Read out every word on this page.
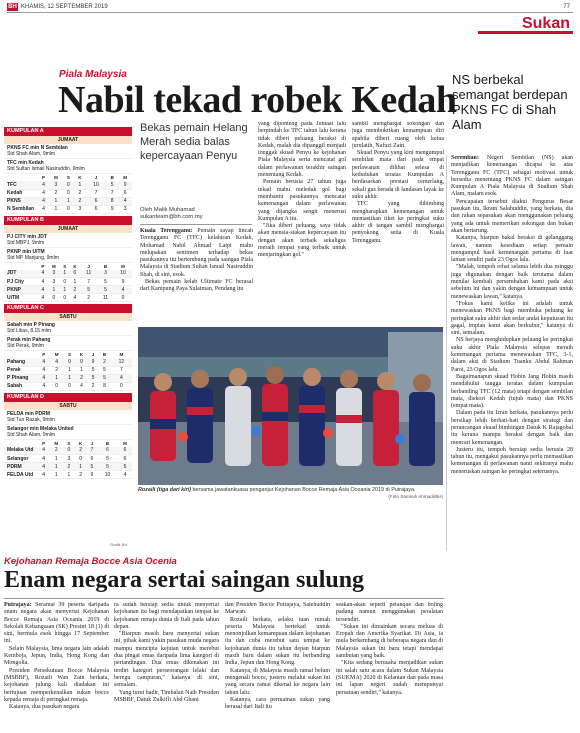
BH KHAMIS, 12 SEPTEMBER 2019	77
Sukan
Piala Malaysia
Nabil tekad robek Kedah
NS berbekal semangat berdepan PKNS FC di Shah Alam
KUMPULAN A
JUMAAT
PKNS FC min N Sembilan
Std Shah Alam, 9mlm
TFC min Kedah
Std Sultan Ismail Nasiruddin, 9mlm
	P	M	S	K	J	B	M
TFC	4	3	0	1	10	5	9
Kedah	4	2	0	2	7	7	6
PKNS	4	1	1	2	6	8	4
N Sembilan	4	1	0	3	6	9	3
KUMPULAN B
JUMAAT
PJ CITY min JDT
Std MBPJ, 9mlm
PKNP min UiTM
Std MP Manjung, 9mlm
	P	M	S	K	J	B	M
JDT	4	3	1	0	11	3	10
PJ City	4	3	0	1	7	5	9
PKNP	4	1	1	2	5	5	4
UiTM	4	0	0	4	2	11	0
KUMPULAN C
SABTU
Sabah min P Pinang
Std Likas, 8.15 mlm
Perak min Pahang
Std Perak, 9mlm
	P	M	S	K	J	B	M
Pahang	4	4	0	0	9	2	12
Perak	4	2	1	1	5	5	7
P Pinang	4	1	1	2	5	5	4
Sabah	4	0	0	4	2	8	0
KUMPULAN D
SABTU
FELDA min PDRM
Std Tun Razak, 9mlm
Selangor min Melaka United
Std Shah Alam, 9mlm
	P	M	S	K	J	B	M
Melaka Utd	4	2	0	2	7	6	6
Selangor	4	1	3	0	6	5	6
PDRM	4	1	2	1	5	5	5
FELDA Utd	4	1	1	2	9	10	4
Grafik BH
Bekas pemain Helang Merah sedia balas kepercayaan Penyu
Oleh Malik Muhamad
sukanteam@bh.com.my

Kuala Terengganu: Pemain sayap lincah Terengganu FC (TFC) kelahiran Kedah, Mohamad Nabil Ahmad Latpi mahu melupakan sentimen terhadap bekas pasukannya itu bertembung pada saingan Piala Malaysia di Stadium Sultan Ismail Nasiruddin Shah, di sini, esok.

Bekas pemain kelab Ultimate FC berasal dari Kampung Paya Sulaiman, Pendang itu

yang diponteng pada Jumaat lalu berpindah ke TFC tahun lalu kerana tidak diberi peluang beraksi di Kedah, malah dia dipanggil menjadi tonggak skuad Penyu ke kejohanan Piala Malaysia serta mencatat gol dalam perlawanan terakhir saingan menentang Kedah.

Pemain berusia 27 tahun juga tekad mahu meledak gol bagi membantu pasukannya mencatat kemenangan dalam perlawanan yang dijangka sengit menerusi Kumpulan A itu.

"Jika diberi peluang, saya tidak akan mensia-siakan kepercayaan itu dengan akan terbaik sekaligus meraih tempat yang terbaik untuk menjaringkan gol."

sambil menghargai sokongan dan juga membuktikan kemampuan diri apabila diberi ruang oleh ketua jurulatih, Nafuzi Zain.

Skuad Penyu yang kini mengumpul sembilan mata dari pada empat perlawanan dilihat selesa di kedudukan teratas Kumpulan A berdasarkan prestasi cemerlang, sekali gus berada di landasan layak ke suku akhir.

TFC yang dibimbing mengharapkan kemenangan untuk memastikan tiket ke peringkat suku akhir di tangan sambil menghargai penyokong setia di Kuala Terengganu.

Rozaili (tiga dari kiri) bersama jawatankuasa penganjur Kejohanan Bocce Remaja Asia Oceania 2019 di Putrajaya.
(Foto Samsuh Ahmadi/BH)

Seremban: Negeri Sembilan (NS) akan menjadikan kemenangan dicapai ke atas Terengganu FC (TFC) sebagai motivasi untuk bersedia menentang PKNS FC dalam saingan Kumpulan A Piala Malaysia di Stadium Shah Alam, malam esok.

Pencapaian tersebut diakui Pengurus Besar pasukan itu, Ikram Salahuddin, yang berkata, dia dan rakan sepasukan akan menggunakan peluang yang ada untuk memerikan sokongan dan bukan akan bertarung.

Katanya, biarpun bakal beraksi di gelanggang lawan, namun kesediaan setiap pemain mengumpul hasil kemenangan pertama di luar laman sendiri pada 23 Ogos lalu.

"Malah, tempoh rehat selama lebih dua minggu juga digunakan dengan baik terutama dalam menilai kembali persembahan kami pada aksi sebelum ini dan yakin dengan kemampuan untuk menewaskan lawan," katanya.

"Fokus kami ketika ini adalah untuk menewaskan PKNS bagi membuka peluang ke peringkat suku akhir dan sedar andai keputusan itu gagal, impian kami akan berkubur," katanya di sini, semalam.

NS berjaya menghidupkan peluang ke peringkat suku akhir Piala Malaysia selepas meraih kemenangan pertama menewaskan TFC, 3-1, dalam aksi di Stadium Tuanku Abdul Rahman Paroi, 23 Ogos lalu.

Bagaimanapun skuad Hobin Jang Hobin masih mendahului tangga teratas dalam kumpulan berbanding TFC (12 mata) tetapi dengan sembilan mata, diekori Kedah (tujuh mata) dan PKNS (empat mata).

Dalam pada itu Izran berkata, pasukannya perlu bersikap lebih berhati-hati dengan strategi dan perancangan skuad bimbingan Datuk K Rajagobal itu kerana mampu beraksi dengan baik dan mencari kemenangan.

Justeru itu, tempoh bersiap sedia berusia 28 tahun itu, mengakui pasukannya perlu memastikan kemenangan di perlawanan nanti sekiranya mahu meneruskan saingan ke peringkat seterusnya.

Kejohanan Remaja Bocce Asia Ocenia
Enam negara sertai saingan sulung

Putrajaya: Seramai 39 peserta daripada enam negara akan menyertai Kejohanan Bocce Remaja Asia Oceania 2019 di Sekolah Kebangsaan (SK) Presint 18 (1) di sini, bermula esok hingga 17 September ini.

Selain Malaysia, lima negara lain adalah Kemboja, Jepun, India, Hong Kong dan Mongolia.

Presiden Persekutuan Bocce Malaysia (MSBBF), Rozaili Wan Zain berkata, kejohanan julung kali diadakan ini bertujuan memperkenalkan sukan bocce kepada remaja di peringkat remaja.

Katanya, dua pasukan negara

ra sudah bersiap sedia untuk menyertai kejohanan itu bagi mendapatkan tempat ke kejohanan remaja dunia di Itali pada tahun depan.

"Biarpun masih baru menyertai sukan ini, pihak kami yakin pasukan muda negara mampu mencipta kejutan untuk merebut dua pingat emas daripada lima kategori di pertandingan. Dua emas dikenakan ini terdiri kategori perseorangan lelaki dan beregu campuran," katanya di sini, semalam.

Yang turut hadir, Timbalan Naib Presiden MSBBF, Datuk Zulkifli Abd Ghani

dan Presiden Bocce Putrajaya, Salehuddin Marwan.

Rozaili berkata, selaku tuan rumah peserta Malaysia bertekad untuk menonjolkan kemampuan dalam kejohanan itu dan cuba merebut satu tempat ke kejohanan dunia itu tahun depan biarpun masih baru dalam sukan itu berbanding India, Jepun dan Hong Kong.

Katanya, di Malaysia masih ramai belum mengenali bocce, justeru melalui sukan ini yang secara ramai dikenal ke negara lain tahun lalu.

Katanya, cara permainan sukan yang berasal dari Itali itu

seakan-akan seperti petanque dan boling padang namun menggunakan peralatan tersendiri.

"Sukan ini dimainkan secara meluas di Eropah dan Amerika Syarikat. Di Asia, ia mula berkembang di beberapa negara dan di Malaysia sukan ini baru tetapi mendapat sambutan yang baik.

"Kita sedang berusaha menjadikan sukan ini salah satu acara dalam Sukan Malaysia (SUKMA) 2020 di Kelantan dan pada masa ini lapan negeri sudah mempunyai persatuan sendiri," katanya.
